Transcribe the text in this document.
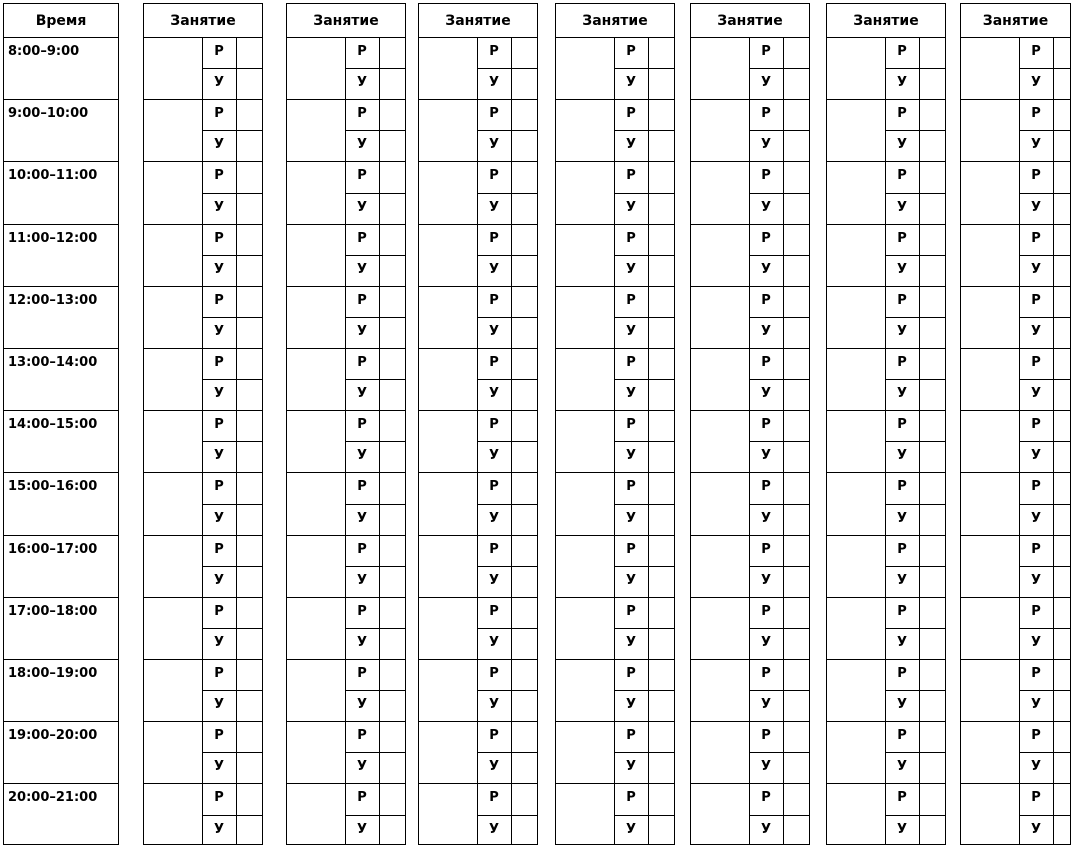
Время
8:00–9:00
9:00–10:00
10:00–11:00
11:00–12:00
12:00–13:00
13:00–14:00
14:00–15:00
15:00–16:00
16:00–17:00
17:00–18:00
18:00–19:00
19:00–20:00
20:00–21:00
Занятие
Р
У
Р
У
Р
У
Р
У
Р
У
Р
У
Р
У
Р
У
Р
У
Р
У
Р
У
Р
У
Р
У
Занятие
Р
У
Р
У
Р
У
Р
У
Р
У
Р
У
Р
У
Р
У
Р
У
Р
У
Р
У
Р
У
Р
У
Занятие
Р
У
Р
У
Р
У
Р
У
Р
У
Р
У
Р
У
Р
У
Р
У
Р
У
Р
У
Р
У
Р
У
Занятие
Р
У
Р
У
Р
У
Р
У
Р
У
Р
У
Р
У
Р
У
Р
У
Р
У
Р
У
Р
У
Р
У
Занятие
Р
У
Р
У
Р
У
Р
У
Р
У
Р
У
Р
У
Р
У
Р
У
Р
У
Р
У
Р
У
Р
У
Занятие
Р
У
Р
У
Р
У
Р
У
Р
У
Р
У
Р
У
Р
У
Р
У
Р
У
Р
У
Р
У
Р
У
Занятие
Р
У
Р
У
Р
У
Р
У
Р
У
Р
У
Р
У
Р
У
Р
У
Р
У
Р
У
Р
У
Р
У
